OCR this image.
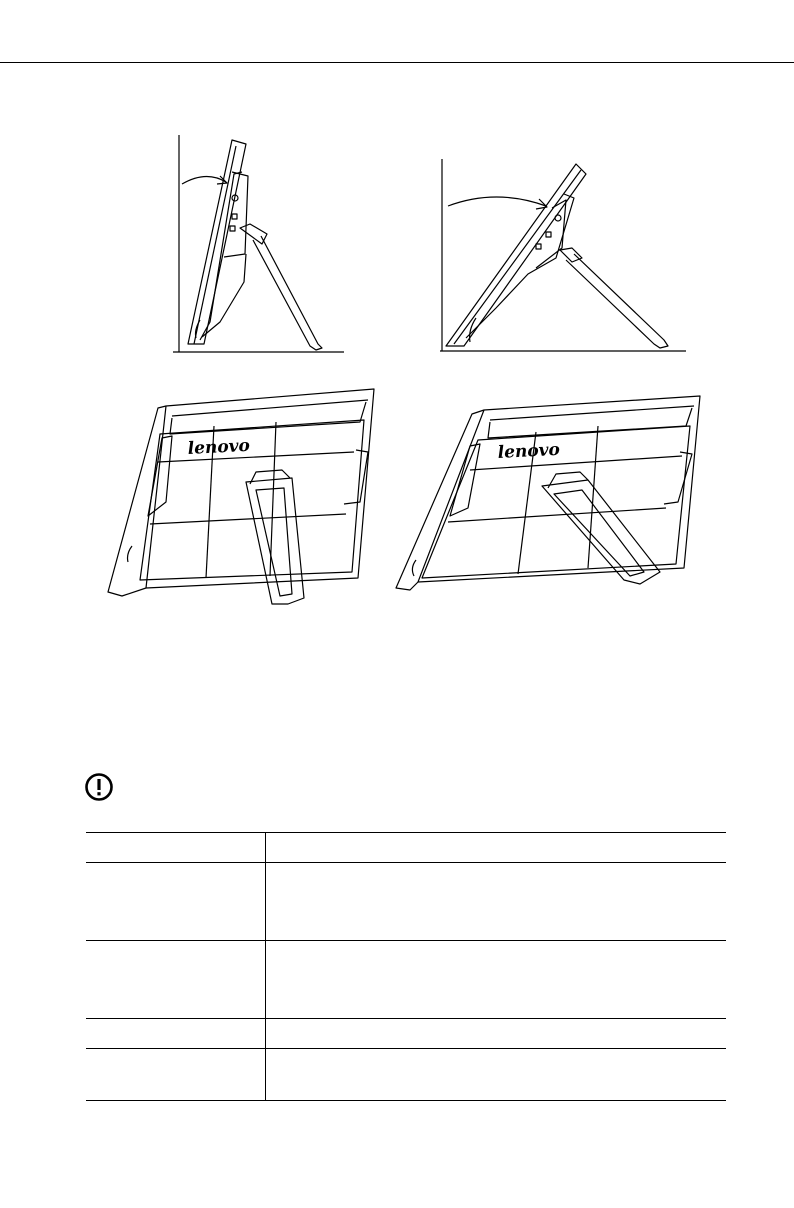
lenovo	lenovo
